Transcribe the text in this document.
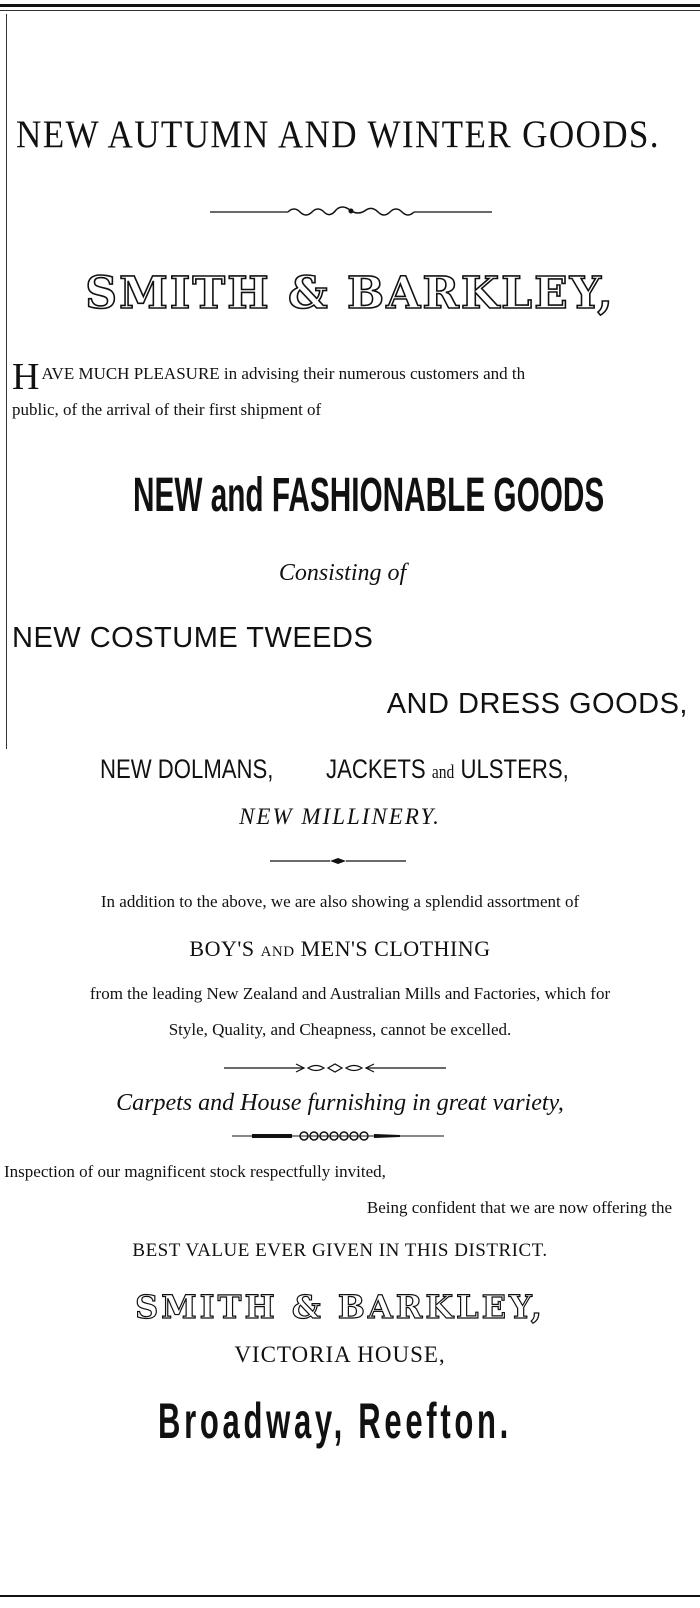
NEW AUTUMN AND WINTER GOODS.
SMITH & BARKLEY,
HAVE MUCH PLEASURE in advising their numerous customers and th
public, of the arrival of their first shipment of
NEW and FASHIONABLE GOODS
Consisting of
NEW COSTUME TWEEDS
AND DRESS GOODS,
NEW DOLMANS, JACKETS and ULSTERS,
NEW MILLINERY.
In addition to the above, we are also showing a splendid assortment of
BOY'S AND MEN'S CLOTHING
from the leading New Zealand and Australian Mills and Factories, which for
Style, Quality, and Cheapness, cannot be excelled.
Carpets and House furnishing in great variety,
Inspection of our magnificent stock respectfully invited,
Being confident that we are now offering the
BEST VALUE EVER GIVEN IN THIS DISTRICT.
SMITH & BARKLEY,
VICTORIA HOUSE,
Broadway, Reefton.
